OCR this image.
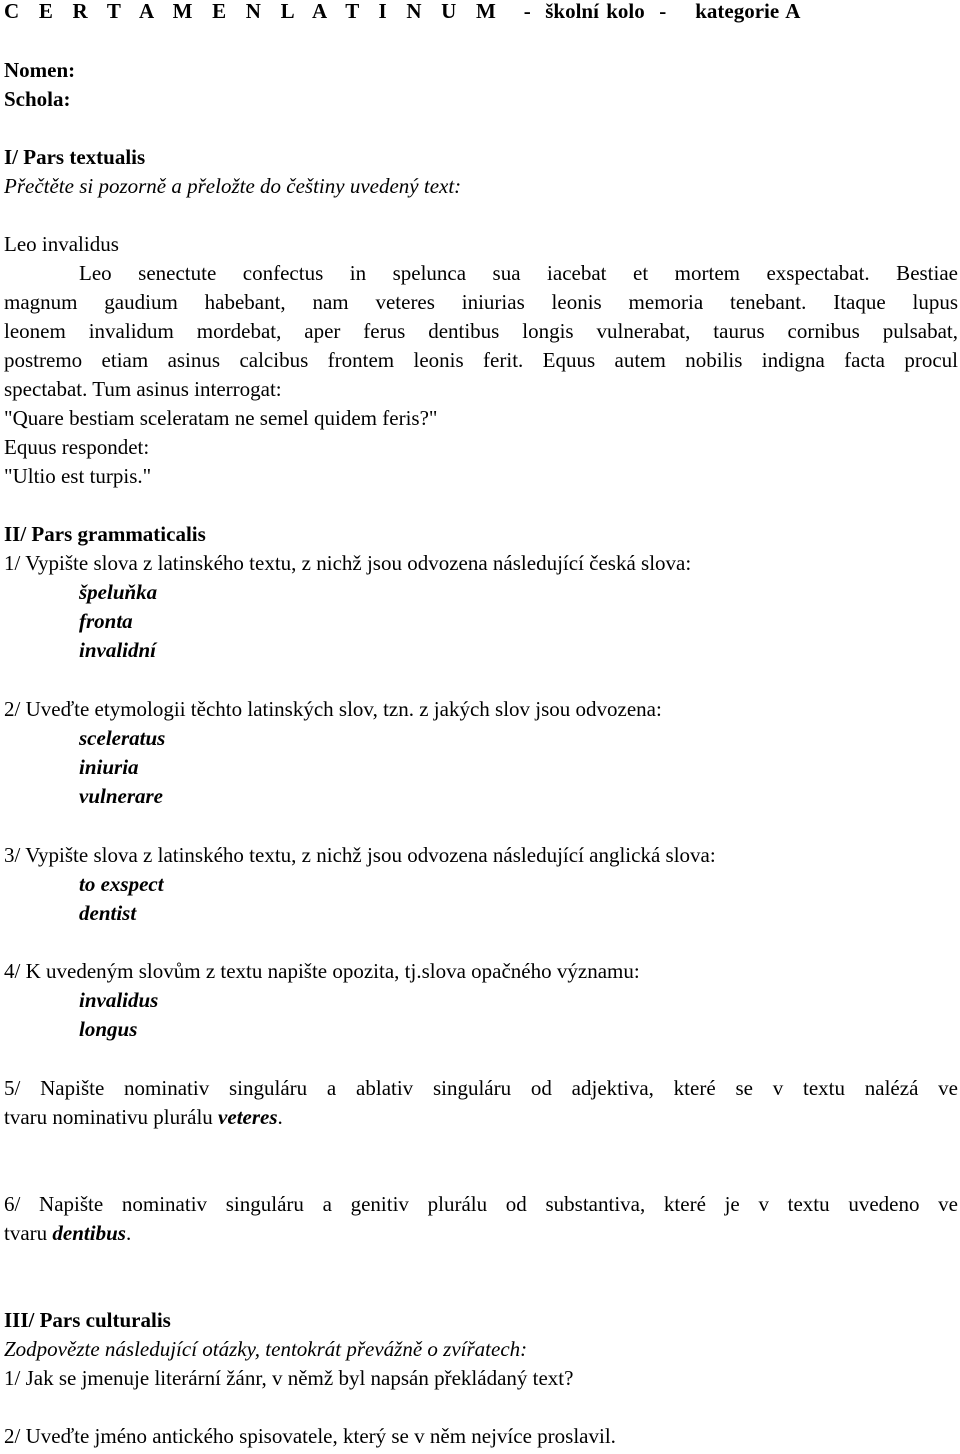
C E R T A M E N L A T I N U M - školní kolo - kategorie A
Nomen:
Schola:
I/ Pars textualis
Přečtěte si pozorně a přeložte do češtiny uvedený text:
Leo invalidus
Leo senectute confectus in spelunca sua iacebat et mortem exspectabat. Bestiae
magnum gaudium habebant, nam veteres iniurias leonis memoria tenebant. Itaque lupus
leonem invalidum mordebat, aper ferus dentibus longis vulnerabat, taurus cornibus pulsabat,
postremo etiam asinus calcibus frontem leonis ferit. Equus autem nobilis indigna facta procul
spectabat. Tum asinus interrogat:
"Quare bestiam sceleratam ne semel quidem feris?"
Equus respondet:
"Ultio est turpis."
II/ Pars grammaticalis
1/ Vypište slova z latinského textu, z nichž jsou odvozena následující česká slova:
špeluňka
fronta
invalidní
2/ Uveďte etymologii těchto latinských slov, tzn. z jakých slov jsou odvozena:
sceleratus
iniuria
vulnerare
3/ Vypište slova z latinského textu, z nichž jsou odvozena následující anglická slova:
to exspect
dentist
4/ K uvedeným slovům z textu napište opozita, tj.slova opačného významu:
invalidus
longus
5/ Napište nominativ singuláru a ablativ singuláru od adjektiva, které se v textu nalézá ve
tvaru nominativu plurálu veteres.
6/ Napište nominativ singuláru a genitiv plurálu od substantiva, které je v textu uvedeno ve
tvaru dentibus.
III/ Pars culturalis
Zodpovězte následující otázky, tentokrát převážně o zvířatech:
1/ Jak se jmenuje literární žánr, v němž byl napsán překládaný text?
2/ Uveďte jméno antického spisovatele, který se v něm nejvíce proslavil.
